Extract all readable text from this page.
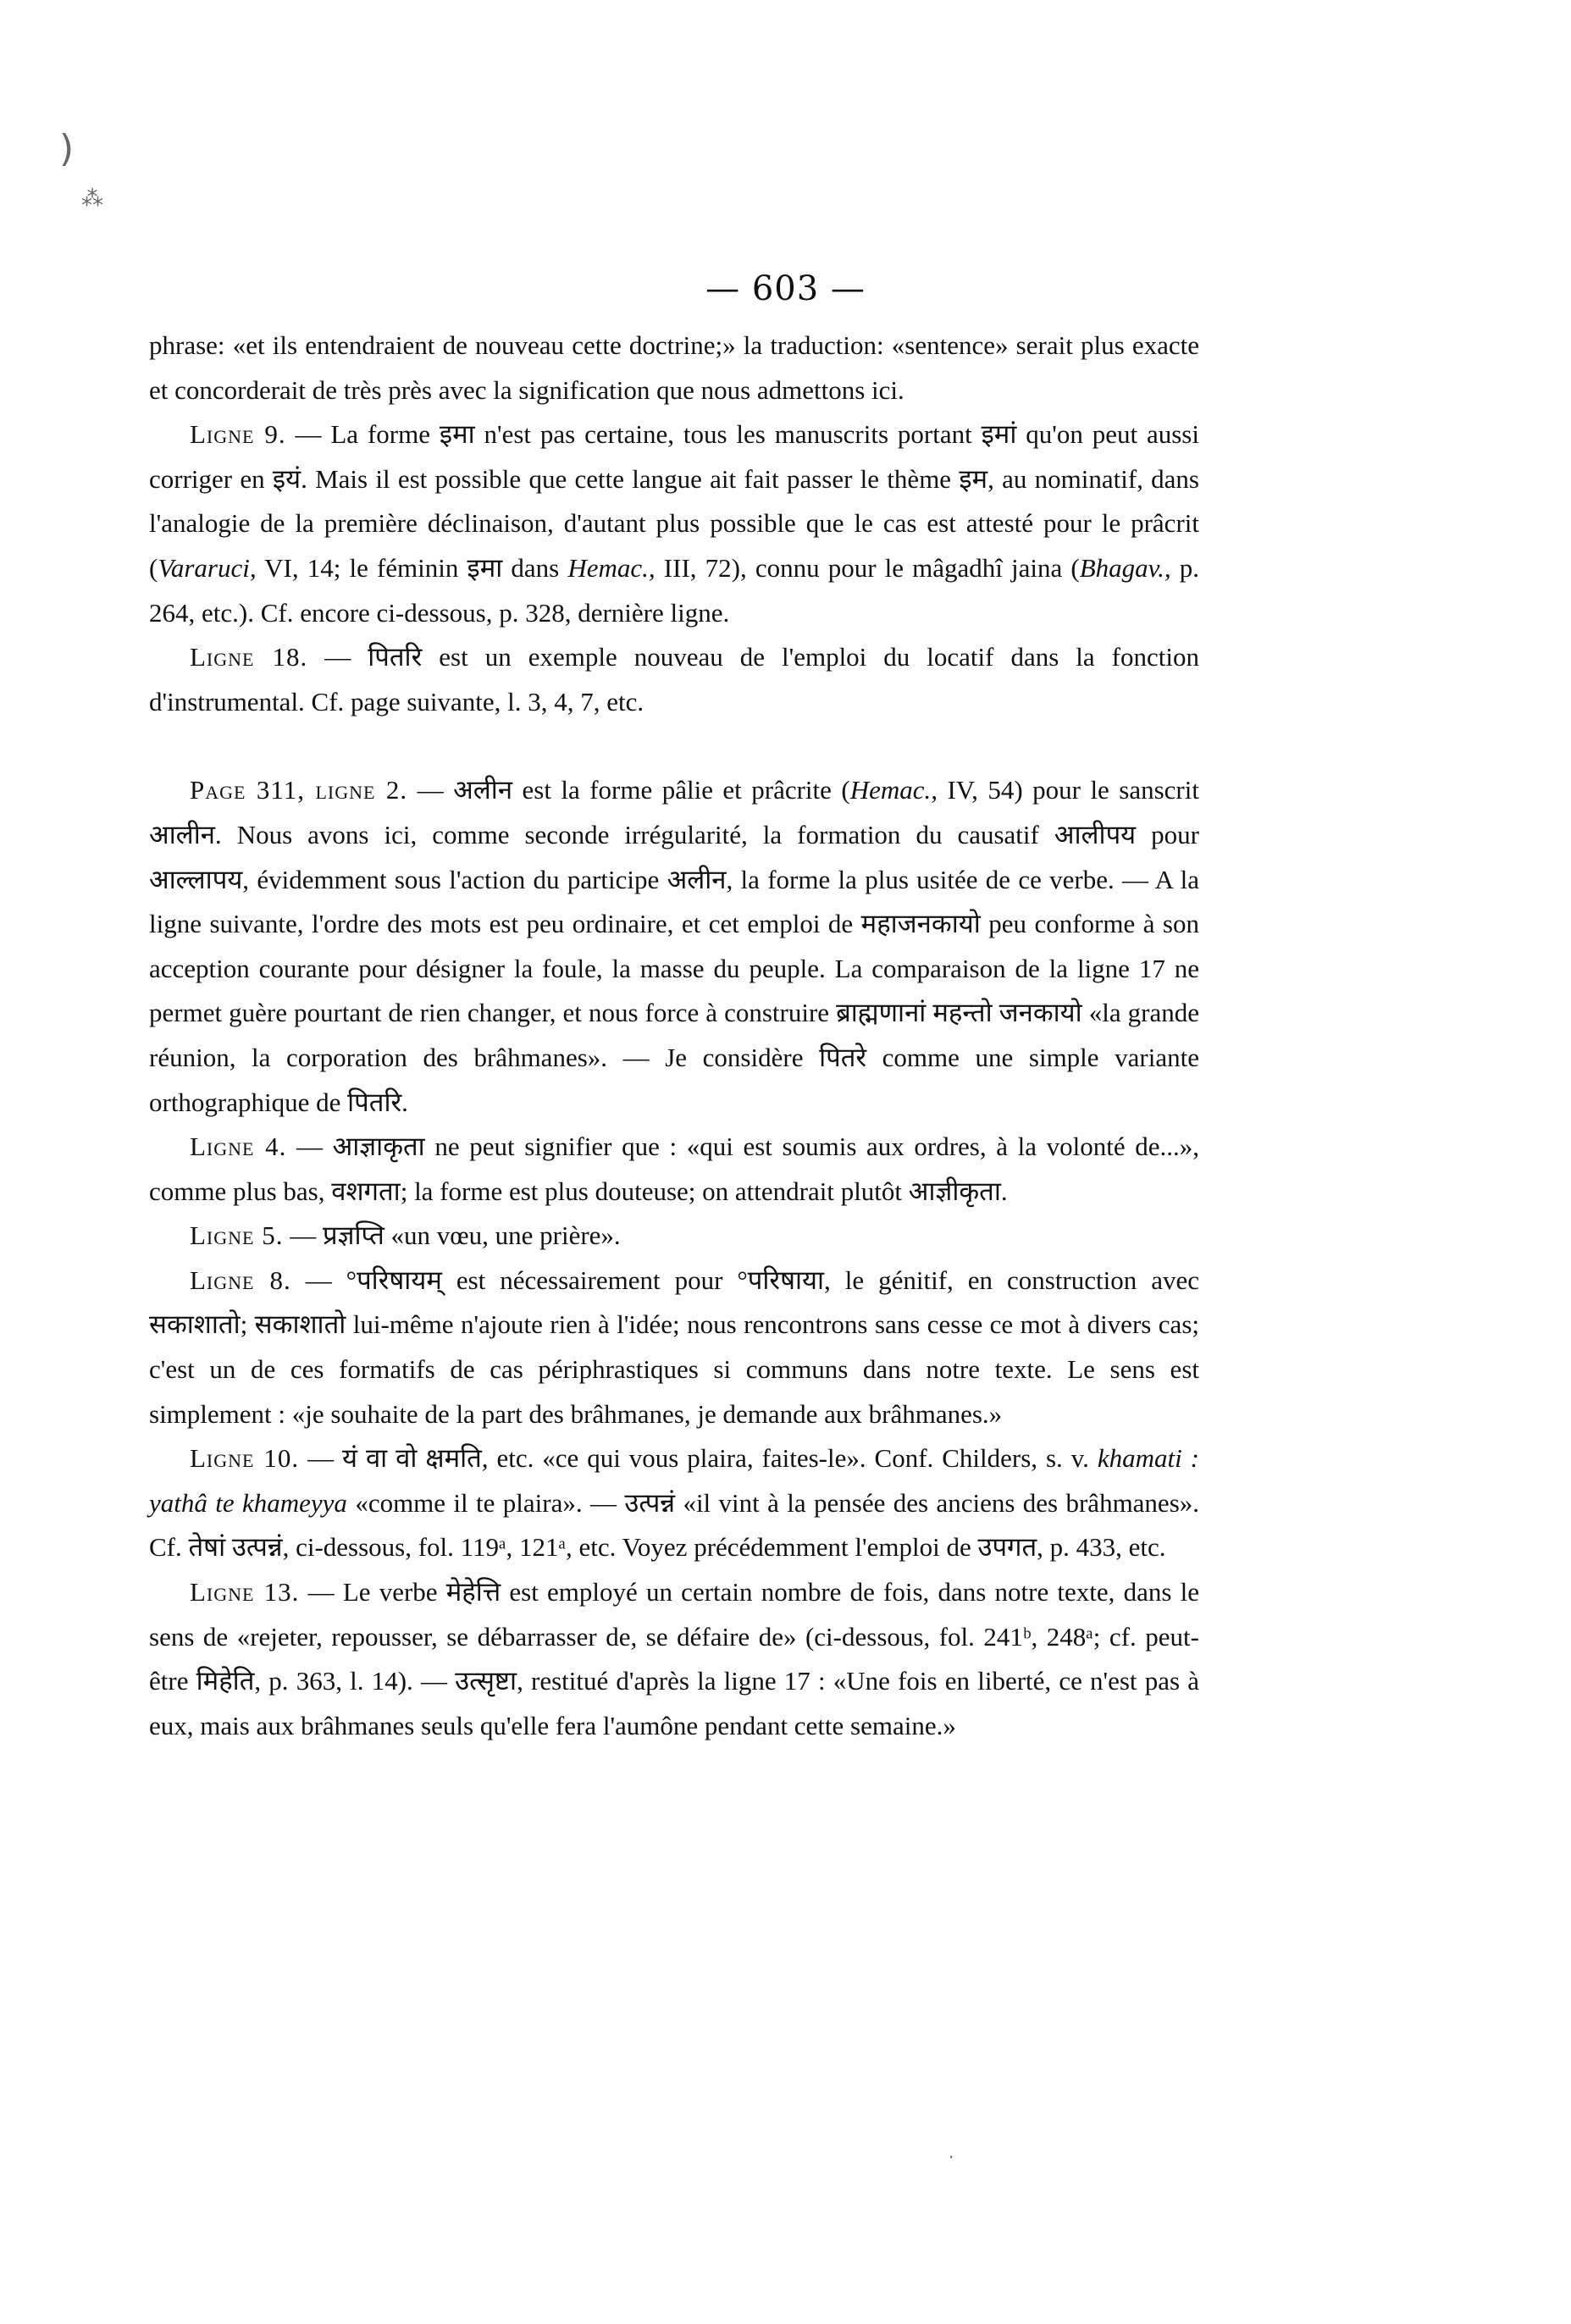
)
⁂
·
— 603 —

phrase: «et ils entendraient de nouveau cette doctrine;» la traduction: «sentence» serait plus exacte et concorderait de très près avec la signification que nous admettons ici.

Ligne 9. — La forme इमा n'est pas certaine, tous les manuscrits portant इमां qu'on peut aussi corriger en इयं. Mais il est possible que cette langue ait fait passer le thème इम, au nominatif, dans l'analogie de la première déclinaison, d'autant plus possible que le cas est attesté pour le prâcrit (Vararuci, VI, 14; le féminin इमा dans Hemac., III, 72), connu pour le mâgadhî jaina (Bhagav., p. 264, etc.). Cf. encore ci-dessous, p. 328, dernière ligne.

Ligne 18. — पितरि est un exemple nouveau de l'emploi du locatif dans la fonction d'instrumental. Cf. page suivante, l. 3, 4, 7, etc.

Page 311, ligne 2. — अलीन est la forme pâlie et prâcrite (Hemac., IV, 54) pour le sanscrit आलीन. Nous avons ici, comme seconde irrégularité, la formation du causatif आलीपय pour आल्लापय, évidemment sous l'action du participe अलीन, la forme la plus usitée de ce verbe. — A la ligne suivante, l'ordre des mots est peu ordinaire, et cet emploi de महाजनकायो peu conforme à son acception courante pour désigner la foule, la masse du peuple. La comparaison de la ligne 17 ne permet guère pourtant de rien changer, et nous force à construire ब्राह्मणानां महन्तो जनकायो «la grande réunion, la corporation des brâhmanes». — Je considère पितरे comme une simple variante orthographique de पितरि.

Ligne 4. — आज्ञाकृता ne peut signifier que : «qui est soumis aux ordres, à la volonté de...», comme plus bas, वशगता; la forme est plus douteuse; on attendrait plutôt आज्ञीकृता.

Ligne 5. — प्रज्ञप्ति «un vœu, une prière».

Ligne 8. — °परिषायम् est nécessairement pour °परिषाया, le génitif, en construction avec सकाशातो; सकाशातो lui-même n'ajoute rien à l'idée; nous rencontrons sans cesse ce mot à divers cas; c'est un de ces formatifs de cas périphrastiques si communs dans notre texte. Le sens est simplement : «je souhaite de la part des brâhmanes, je demande aux brâhmanes.»

Ligne 10. — यं वा वो क्षमति, etc. «ce qui vous plaira, faites-le». Conf. Childers, s. v. khamati : yathâ te khameyya «comme il te plaira». — उत्पन्नं «il vint à la pensée des anciens des brâhmanes». Cf. तेषां उत्पन्नं, ci-dessous, fol. 119ᵃ, 121ᵃ, etc. Voyez précédemment l'emploi de उपगत, p. 433, etc.

Ligne 13. — Le verbe मेहेत्ति est employé un certain nombre de fois, dans notre texte, dans le sens de «rejeter, repousser, se débarrasser de, se défaire de» (ci-dessous, fol. 241ᵇ, 248ᵃ; cf. peut-être मिहेति, p. 363, l. 14). — उत्सृष्टा, restitué d'après la ligne 17 : «Une fois en liberté, ce n'est pas à eux, mais aux brâhmanes seuls qu'elle fera l'aumône pendant cette semaine.»
